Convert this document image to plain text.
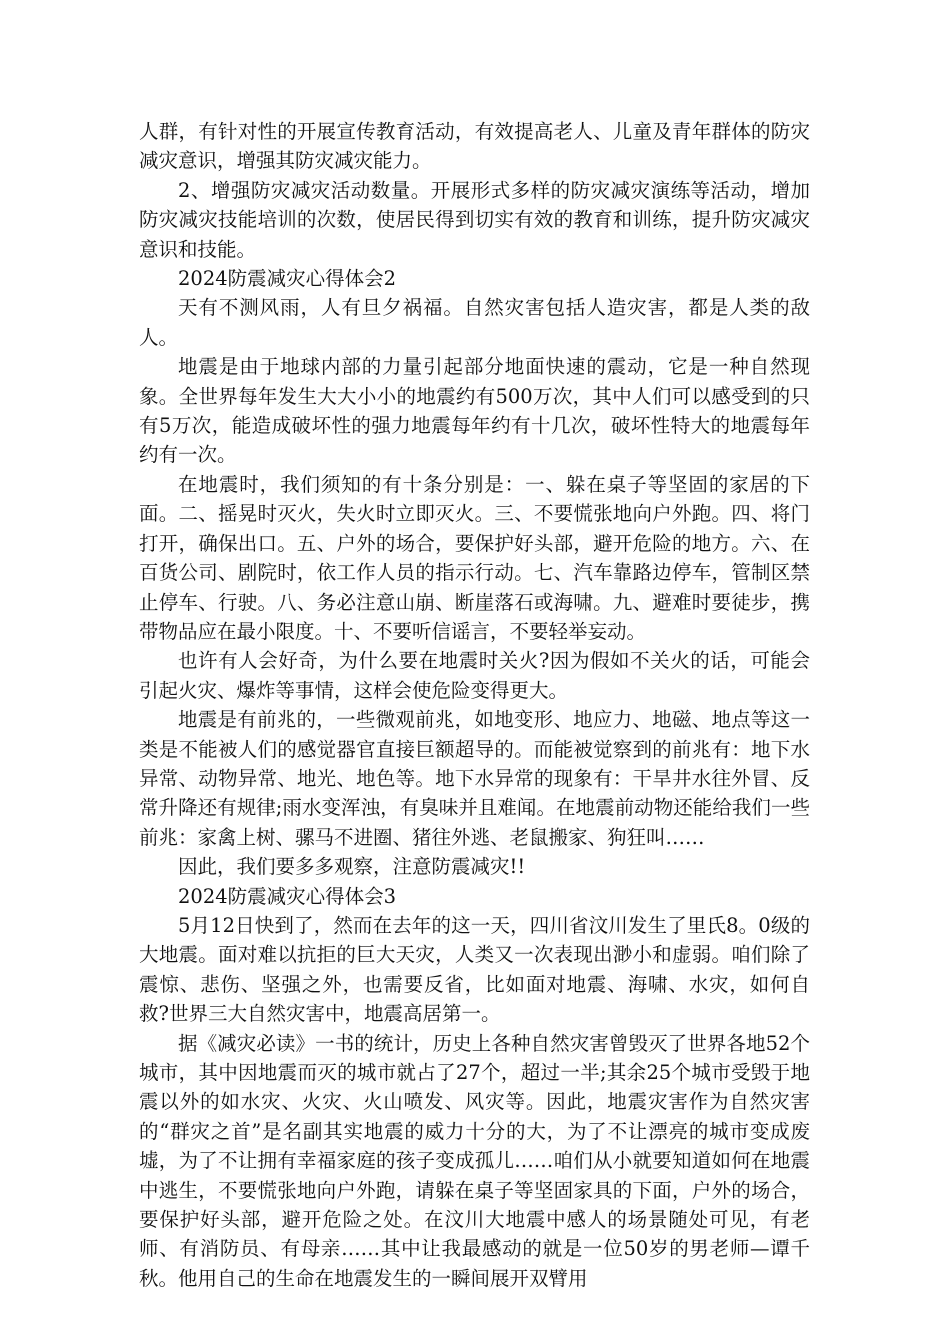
人群，有针对性的开展宣传教育活动，有效提高老人、儿童及青年群体的防灾减灾意识，增强其防灾减灾能力。

2、增强防灾减灾活动数量。开展形式多样的防灾减灾演练等活动，增加防灾减灾技能培训的次数，使居民得到切实有效的教育和训练，提升防灾减灾意识和技能。

2024防震减灾心得体会2

天有不测风雨，人有旦夕祸福。自然灾害包括人造灾害，都是人类的敌人。

地震是由于地球内部的力量引起部分地面快速的震动，它是一种自然现象。全世界每年发生大大小小的地震约有500万次，其中人们可以感受到的只有5万次，能造成破坏性的强力地震每年约有十几次，破坏性特大的地震每年约有一次。

在地震时，我们须知的有十条分别是：一、躲在桌子等坚固的家居的下面。二、摇晃时灭火，失火时立即灭火。三、不要慌张地向户外跑。四、将门打开，确保出口。五、户外的场合，要保护好头部，避开危险的地方。六、在百货公司、剧院时，依工作人员的指示行动。七、汽车靠路边停车，管制区禁止停车、行驶。八、务必注意山崩、断崖落石或海啸。九、避难时要徒步，携带物品应在最小限度。十、不要听信谣言，不要轻举妄动。

也许有人会好奇，为什么要在地震时关火?因为假如不关火的话，可能会引起火灾、爆炸等事情，这样会使危险变得更大。

地震是有前兆的，一些微观前兆，如地变形、地应力、地磁、地点等这一类是不能被人们的感觉器官直接巨额超导的。而能被觉察到的前兆有：地下水异常、动物异常、地光、地色等。地下水异常的现象有：干旱井水往外冒、反常升降还有规律;雨水变浑浊，有臭味并且难闻。在地震前动物还能给我们一些前兆：家禽上树、骡马不进圈、猪往外逃、老鼠搬家、狗狂叫……

因此，我们要多多观察，注意防震减灾!!

2024防震减灾心得体会3

5月12日快到了，然而在去年的这一天，四川省汶川发生了里氏8。0级的大地震。面对难以抗拒的巨大天灾，人类又一次表现出渺小和虚弱。咱们除了震惊、悲伤、坚强之外，也需要反省，比如面对地震、海啸、水灾，如何自救?世界三大自然灾害中，地震高居第一。

据《减灾必读》一书的统计，历史上各种自然灾害曾毁灭了世界各地52个城市，其中因地震而灭的城市就占了27个，超过一半;其余25个城市受毁于地震以外的如水灾、火灾、火山喷发、风灾等。因此，地震灾害作为自然灾害的“群灾之首”是名副其实地震的威力十分的大，为了不让漂亮的城市变成废墟，为了不让拥有幸福家庭的孩子变成孤儿……咱们从小就要知道如何在地震中逃生，不要慌张地向户外跑，请躲在桌子等坚固家具的下面，户外的场合，要保护好头部，避开危险之处。在汶川大地震中感人的场景随处可见，有老师、有消防员、有母亲……其中让我最感动的就是一位50岁的男老师—谭千秋。他用自己的生命在地震发生的一瞬间展开双臂用
